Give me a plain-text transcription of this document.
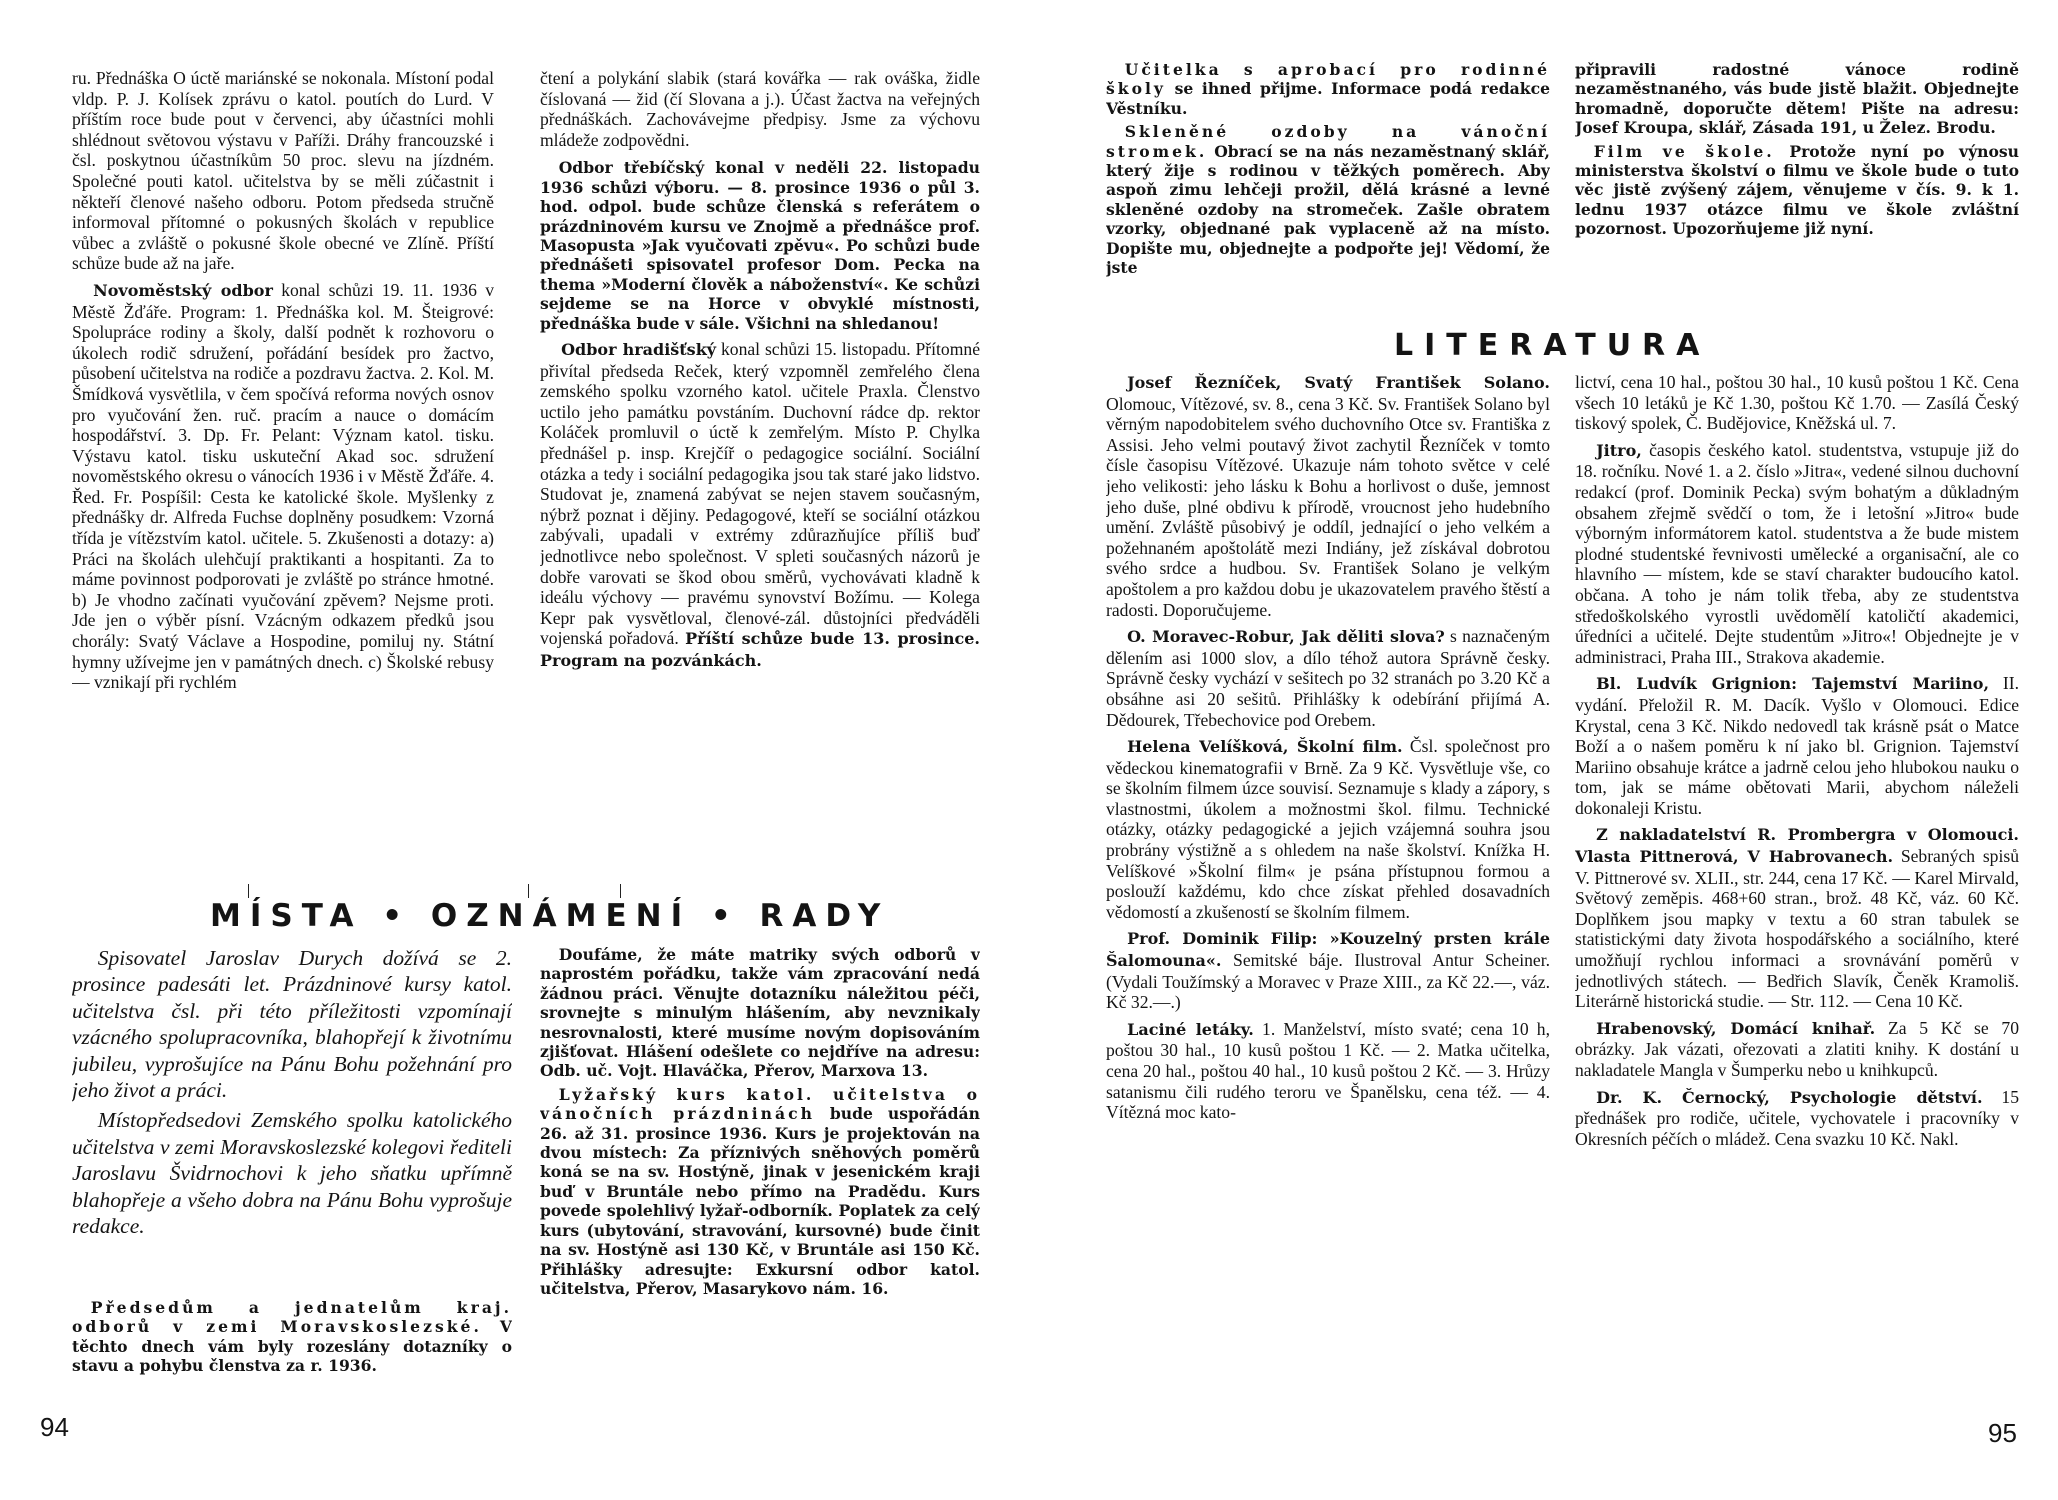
ru. Přednáška O úctě mariánské se nokonala. Místoní podal vldp. P. J. Kolísek zprávu o katol. poutích do Lurd. V příštím roce bude pout v červenci, aby účastníci mohli shlédnout světovou výstavu v Paříži. Dráhy francouzské i čsl. poskytnou účastníkům 50 proc. slevu na jízdném. Společné pouti katol. učitelstva by se měli zúčastnit i někteří členové našeho odboru. Potom předseda stručně informoval přítomné o pokusných školách v republice vůbec a zvláště o pokusné škole obecné ve Zlíně. Příští schůze bude až na jaře.

Novoměstský odbor konal schůzi 19. 11. 1936 v Městě Žďáře. Program: 1. Přednáška kol. M. Šteigrové: Spolupráce rodiny a školy, další podnět k rozhovoru o úkolech rodič sdružení, pořádání besídek pro žactvo, působení učitelstva na rodiče a pozdravu žactva. 2. Kol. M. Šmídková vysvětlila, v čem spočívá reforma nových osnov pro vyučování žen. ruč. pracím a nauce o domácím hospodářství. 3. Dp. Fr. Pelant: Význam katol. tisku. Výstavu katol. tisku uskuteční Akad soc. sdružení novoměstského okresu o vánocích 1936 i v Městě Žďáře. 4. Řed. Fr. Pospíšil: Cesta ke katolické škole. Myšlenky z přednášky dr. Alfreda Fuchse doplněny posudkem: Vzorná třída je vítězstvím katol. učitele. 5. Zkušenosti a dotazy: a) Práci na školách ulehčují praktikanti a hospitanti. Za to máme povinnost podporovati je zvláště po stránce hmotné. b) Je vhodno začínati vyučování zpěvem? Nejsme proti. Jde jen o výběr písní. Vzácným odkazem předků jsou chorály: Svatý Václave a Hospodine, pomiluj ny. Státní hymny užívejme jen v památných dnech. c) Školské rebusy — vznikají při rychlém

čtení a polykání slabik (stará kovářka — rak ováška, židle číslovaná — žid (čí Slovana a j.). Účast žactva na veřejných přednáškách. Zachovávejme předpisy. Jsme za výchovu mládeže zodpovědni.

Odbor třebíčský konal v neděli 22. listopadu 1936 schůzi výboru. — 8. prosince 1936 o půl 3. hod. odpol. bude schůze členská s referátem o prázdninovém kursu ve Znojmě a přednášce prof. Masopusta »Jak vyučovati zpěvu«. Po schůzi bude přednášeti spisovatel profesor Dom. Pecka na thema »Moderní člověk a náboženství«. Ke schůzi sejdeme se na Horce v obvyklé místnosti, přednáška bude v sále. Všichni na shledanou!

Odbor hradišťský konal schůzi 15. listopadu. Přítomné přivítal předseda Reček, který vzpomněl zemřelého člena zemského spolku vzorného katol. učitele Praxla. Členstvo uctilo jeho památku povstáním. Duchovní rádce dp. rektor Koláček promluvil o úctě k zemřelým. Místo P. Chylka přednášel p. insp. Krejčíř o pedagogice sociální. Sociální otázka a tedy i sociální pedagogika jsou tak staré jako lidstvo. Studovat je, znamená zabývat se nejen stavem současným, nýbrž poznat i dějiny. Pedagogové, kteří se sociální otázkou zabývali, upadali v extrémy zdůrazňujíce příliš buď jednotlivce nebo společnost. V spleti současných názorů je dobře varovati se škod obou směrů, vychovávati kladně k ideálu výchovy — pravému synovství Božímu. — Kolega Kepr pak vysvětloval, členové-zál. důstojníci předváděli vojenská pořadová. Příští schůze bude 13. prosince. Program na pozvánkách.

MÍSTA • OZNÁMENÍ • RADY

Spisovatel Jaroslav Durych dožívá se 2. prosince padesáti let. Prázdninové kursy katol. učitelstva čsl. při této příležitosti vzpomínají vzácného spolupracovníka, blahopřejí k životnímu jubileu, vyprošujíce na Pánu Bohu požehnání pro jeho život a práci.

Místopředsedovi Zemského spolku katolického učitelstva v zemi Moravskoslezské kolegovi řediteli Jaroslavu Švidrnochovi k jeho sňatku upřímně blahopřeje a všeho dobra na Pánu Bohu vyprošuje redakce.

Předsedům a jednatelům kraj. odborů v zemi Moravskoslezské. V těchto dnech vám byly rozeslány dotazníky o stavu a pohybu členstva za r. 1936.

Doufáme, že máte matriky svých odborů v naprostém pořádku, takže vám zpracování nedá žádnou práci. Věnujte dotazníku náležitou péči, srovnejte s minulým hlášením, aby nevznikaly nesrovnalosti, které musíme novým dopisováním zjišťovat. Hlášení odešlete co nejdříve na adresu: Odb. uč. Vojt. Hlaváčka, Přerov, Marxova 13.

Lyžařský kurs katol. učitelstva o vánočních prázdninách bude uspořádán 26. až 31. prosince 1936. Kurs je projektován na dvou místech: Za příznivých sněhových poměrů koná se na sv. Hostýně, jinak v jesenickém kraji buď v Bruntále nebo přímo na Pradědu. Kurs povede spolehlivý lyžař-odborník. Poplatek za celý kurs (ubytování, stravování, kursovné) bude činit na sv. Hostýně asi 130 Kč, v Bruntále asi 150 Kč. Přihlášky adresujte: Exkursní odbor katol. učitelstva, Přerov, Masarykovo nám. 16.

94

Učitelka s aprobací pro rodinné školy se ihned přijme. Informace podá redakce Věstníku.

Skleněné ozdoby na vánoční stromek. Obrací se na nás nezaměstnaný sklář, který žije s rodinou v těžkých poměrech. Aby aspoň zimu lehčeji prožil, dělá krásné a levné skleněné ozdoby na stromeček. Zašle obratem vzorky, objednané pak vyplaceně až na místo. Dopište mu, objednejte a podpořte jej! Vědomí, že jste

připravili radostné vánoce rodině nezaměstnaného, vás bude jistě blažit. Objednejte hromadně, doporučte dětem! Pište na adresu: Josef Kroupa, sklář, Zásada 191, u Želez. Brodu.

Film ve škole. Protože nyní po výnosu ministerstva školství o filmu ve škole bude o tuto věc jistě zvýšený zájem, věnujeme v čís. 9. k 1. lednu 1937 otázce filmu ve škole zvláštní pozornost. Upozorňujeme již nyní.

LITERATURA

Josef Řezníček, Svatý František Solano. Olomouc, Vítězové, sv. 8., cena 3 Kč. Sv. František Solano byl věrným napodobitelem svého duchovního Otce sv. Františka z Assisi. Jeho velmi poutavý život zachytil Řezníček v tomto čísle časopisu Vítězové. Ukazuje nám tohoto světce v celé jeho velikosti: jeho lásku k Bohu a horlivost o duše, jemnost jeho duše, plné obdivu k přírodě, vroucnost jeho hudebního umění. Zvláště působivý je oddíl, jednající o jeho velkém a požehnaném apoštolátě mezi Indiány, jež získával dobrotou svého srdce a hudbou. Sv. František Solano je velkým apoštolem a pro každou dobu je ukazovatelem pravého štěstí a radosti. Doporučujeme.

O. Moravec-Robur, Jak děliti slova? s naznačeným dělením asi 1000 slov, a dílo téhož autora Správně česky. Správně česky vychází v sešitech po 32 stranách po 3.20 Kč a obsáhne asi 20 sešitů. Přihlášky k odebírání přijímá A. Dědourek, Třebechovice pod Orebem.

Helena Velíšková, Školní film. Čsl. společnost pro vědeckou kinematografii v Brně. Za 9 Kč. Vysvětluje vše, co se školním filmem úzce souvisí. Seznamuje s klady a zápory, s vlastnostmi, úkolem a možnostmi škol. filmu. Technické otázky, otázky pedagogické a jejich vzájemná souhra jsou probrány výstižně a s ohledem na naše školství. Knížka H. Velíškové »Školní film« je psána přístupnou formou a poslouží každému, kdo chce získat přehled dosavadních vědomostí a zkušeností se školním filmem.

Prof. Dominik Filip: »Kouzelný prsten krále Šalomouna«. Semitské báje. Ilustroval Antur Scheiner. (Vydali Toužímský a Moravec v Praze XIII., za Kč 22.—, váz. Kč 32.—.)

Laciné letáky. 1. Manželství, místo svaté; cena 10 h, poštou 30 hal., 10 kusů poštou 1 Kč. — 2. Matka učitelka, cena 20 hal., poštou 40 hal., 10 kusů poštou 2 Kč. — 3. Hrůzy satanismu čili rudého teroru ve Španělsku, cena též. — 4. Vítězná moc kato-

lictví, cena 10 hal., poštou 30 hal., 10 kusů poštou 1 Kč. Cena všech 10 letáků je Kč 1.30, poštou Kč 1.70. — Zasílá Český tiskový spolek, Č. Budějovice, Kněžská ul. 7.

Jitro, časopis českého katol. studentstva, vstupuje již do 18. ročníku. Nové 1. a 2. číslo »Jitra«, vedené silnou duchovní redakcí (prof. Dominik Pecka) svým bohatým a důkladným obsahem zřejmě svědčí o tom, že i letošní »Jitro« bude výborným informátorem katol. studentstva a že bude mistem plodné studentské řevnivosti umělecké a organisační, ale co hlavního — místem, kde se staví charakter budoucího katol. občana. A toho je nám tolik třeba, aby ze studentstva středoškolského vyrostli uvědomělí katoličtí akademici, úředníci a učitelé. Dejte studentům »Jitro«! Objednejte je v administraci, Praha III., Strakova akademie.

Bl. Ludvík Grignion: Tajemství Mariino, II. vydání. Přeložil R. M. Dacík. Vyšlo v Olomouci. Edice Krystal, cena 3 Kč. Nikdo nedovedl tak krásně psát o Matce Boží a o našem poměru k ní jako bl. Grignion. Tajemství Mariino obsahuje krátce a jadrně celou jeho hlubokou nauku o tom, jak se máme obětovati Marii, abychom náleželi dokonaleji Kristu.

Z nakladatelství R. Prombergra v Olomouci. Vlasta Pittnerová, V Habrovanech. Sebraných spisů V. Pittnerové sv. XLII., str. 244, cena 17 Kč. — Karel Mirvald, Světový zeměpis. 468+60 stran., brož. 48 Kč, váz. 60 Kč. Doplňkem jsou mapky v textu a 60 stran tabulek se statistickými daty života hospodářského a sociálního, které umožňují rychlou informaci a srovnávání poměrů v jednotlivých státech. — Bedřich Slavík, Čeněk Kramoliš. Literárně historická studie. — Str. 112. — Cena 10 Kč.

Hrabenovský, Domácí knihař. Za 5 Kč se 70 obrázky. Jak vázati, ořezovati a zlatiti knihy. K dostání u nakladatele Mangla v Šumperku nebo u knihkupců.

Dr. K. Černocký, Psychologie dětství. 15 přednášek pro rodiče, učitele, vychovatele i pracovníky v Okresních péčích o mládež. Cena svazku 10 Kč. Nakl.

95
